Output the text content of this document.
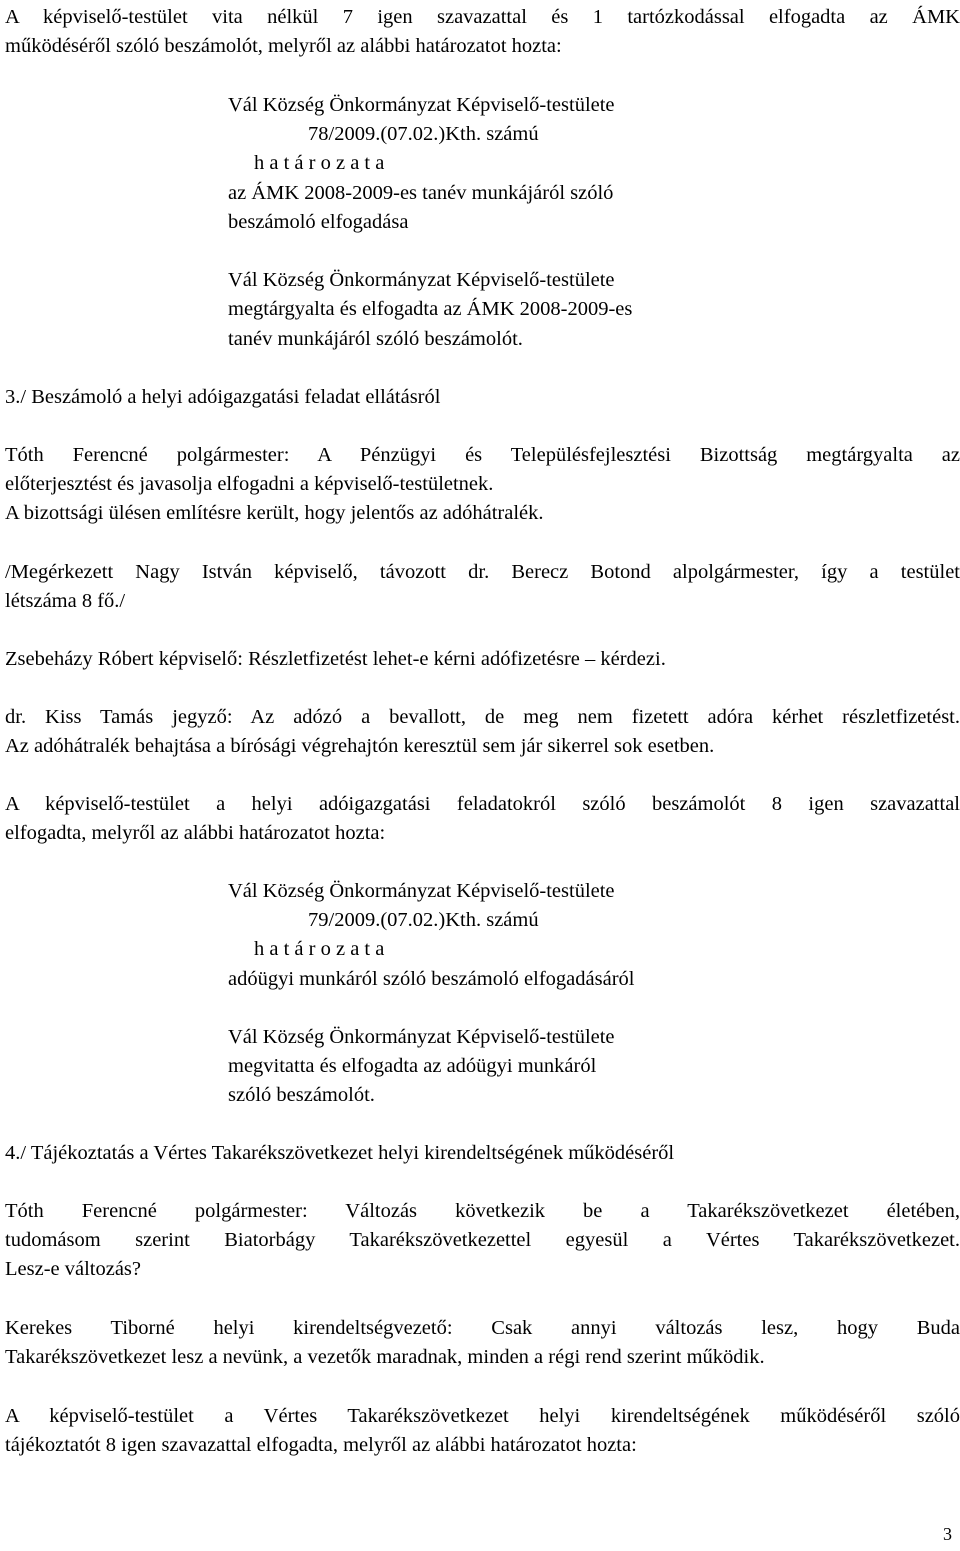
A képviselő-testület vita nélkül 7 igen szavazattal és 1 tartózkodással elfogadta az ÁMK
működéséről szóló beszámolót, melyről az alábbi határozatot hozta:
Vál Község Önkormányzat Képviselő-testülete
78/2009.(07.02.)Kth. számú
h a t á r o z a t a
az ÁMK 2008-2009-es tanév munkájáról szóló
beszámoló elfogadása
Vál Község Önkormányzat Képviselő-testülete
megtárgyalta és elfogadta az ÁMK 2008-2009-es
tanév munkájáról szóló beszámolót.
3./ Beszámoló a helyi adóigazgatási feladat ellátásról
Tóth Ferencné polgármester: A Pénzügyi és Településfejlesztési Bizottság megtárgyalta az
előterjesztést és javasolja elfogadni a képviselő-testületnek.
A bizottsági ülésen említésre került, hogy jelentős az adóhátralék.
/Megérkezett Nagy István képviselő, távozott dr. Berecz Botond alpolgármester, így a testület
létszáma 8 fő./
Zsebeházy Róbert képviselő: Részletfizetést lehet-e kérni adófizetésre – kérdezi.
dr. Kiss Tamás jegyző: Az adózó a bevallott, de meg nem fizetett adóra kérhet részletfizetést.
Az adóhátralék behajtása a bírósági végrehajtón keresztül sem jár sikerrel sok esetben.
A képviselő-testület a helyi adóigazgatási feladatokról szóló beszámolót 8 igen szavazattal
elfogadta, melyről az alábbi határozatot hozta:
Vál Község Önkormányzat Képviselő-testülete
79/2009.(07.02.)Kth. számú
h a t á r o z a t a
adóügyi munkáról szóló beszámoló elfogadásáról
Vál Község Önkormányzat Képviselő-testülete
megvitatta és elfogadta az adóügyi munkáról
szóló beszámolót.
4./ Tájékoztatás a Vértes Takarékszövetkezet helyi kirendeltségének működéséről
Tóth Ferencné polgármester: Változás következik be a Takarékszövetkezet életében,
tudomásom szerint Biatorbágy Takarékszövetkezettel egyesül a Vértes Takarékszövetkezet.
Lesz-e változás?
Kerekes Tiborné helyi kirendeltségvezető: Csak annyi változás lesz, hogy Buda
Takarékszövetkezet lesz a nevünk, a vezetők maradnak, minden a régi rend szerint működik.
A képviselő-testület a Vértes Takarékszövetkezet helyi kirendeltségének működéséről szóló
tájékoztatót 8 igen szavazattal elfogadta, melyről az alábbi határozatot hozta:
3
